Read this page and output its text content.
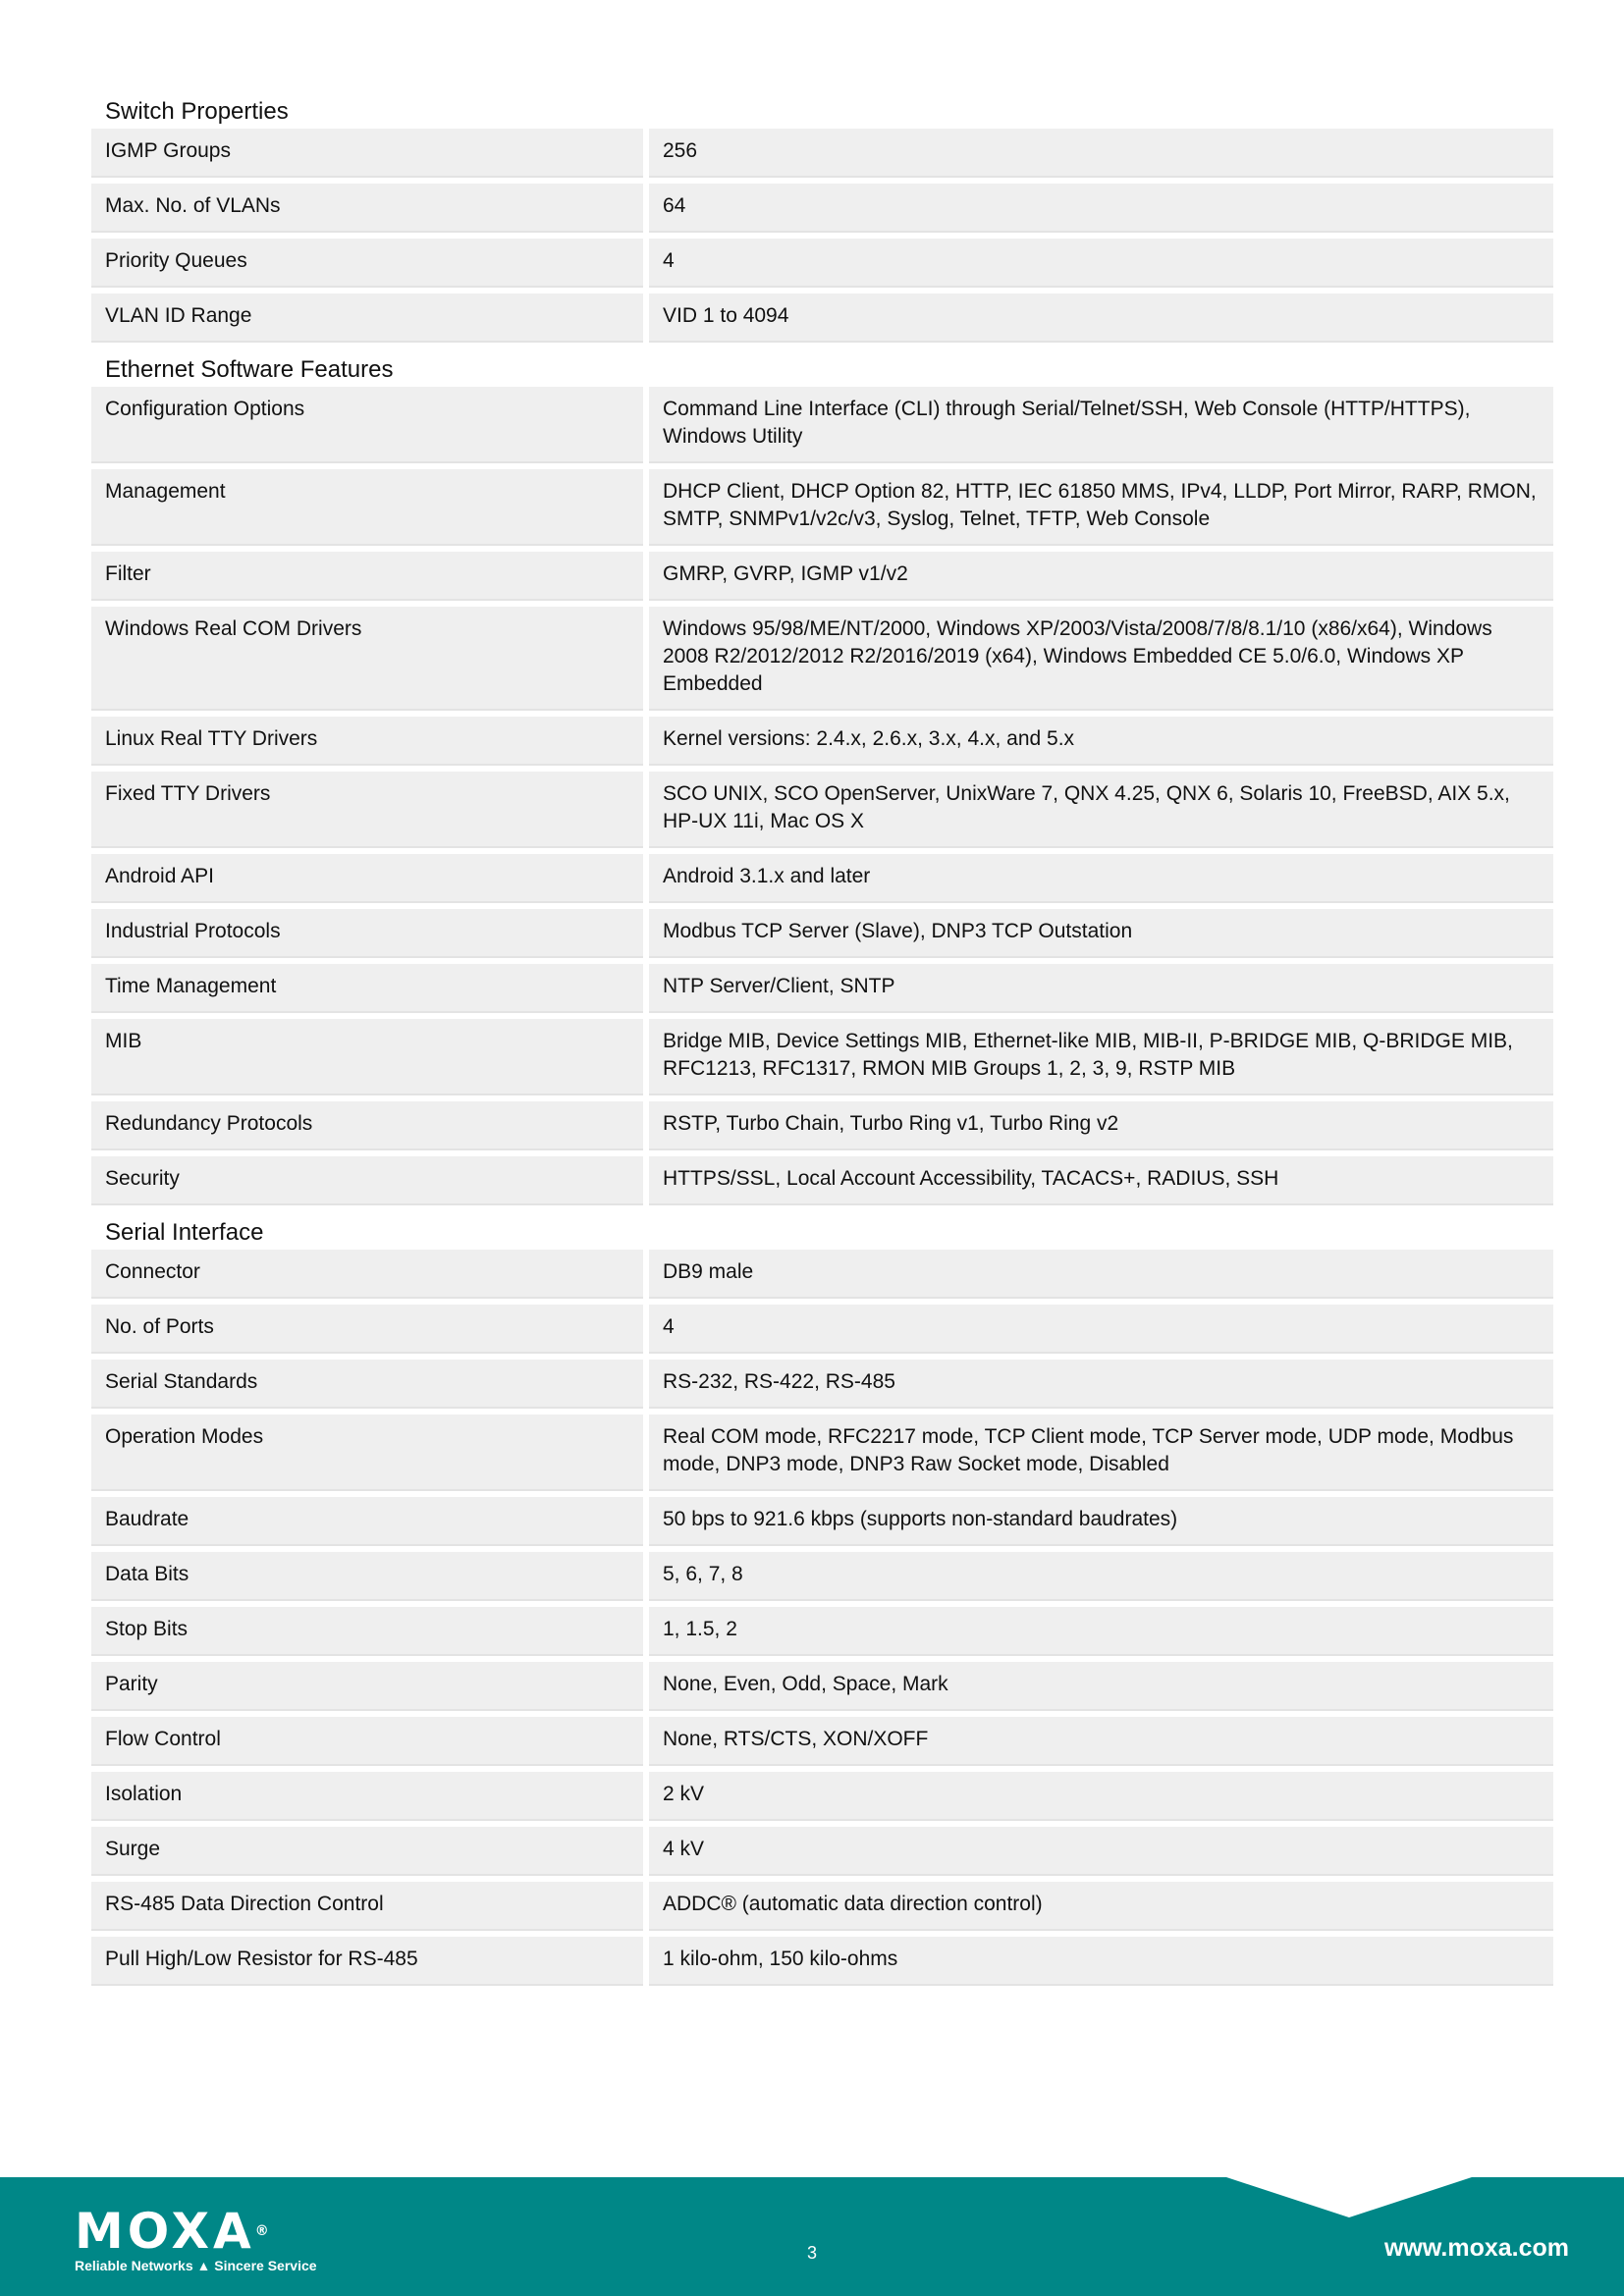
Switch Properties
IGMP Groups	256
Max. No. of VLANs	64
Priority Queues	4
VLAN ID Range	VID 1 to 4094
Ethernet Software Features
Configuration Options	Command Line Interface (CLI) through Serial/Telnet/SSH, Web Console (HTTP/HTTPS), Windows Utility
Management	DHCP Client, DHCP Option 82, HTTP, IEC 61850 MMS, IPv4, LLDP, Port Mirror, RARP, RMON, SMTP, SNMPv1/v2c/v3, Syslog, Telnet, TFTP, Web Console
Filter	GMRP, GVRP, IGMP v1/v2
Windows Real COM Drivers	Windows 95/98/ME/NT/2000, Windows XP/2003/Vista/2008/7/8/8.1/10 (x86/x64), Windows 2008 R2/2012/2012 R2/2016/2019 (x64), Windows Embedded CE 5.0/6.0, Windows XP Embedded
Linux Real TTY Drivers	Kernel versions: 2.4.x, 2.6.x, 3.x, 4.x, and 5.x
Fixed TTY Drivers	SCO UNIX, SCO OpenServer, UnixWare 7, QNX 4.25, QNX 6, Solaris 10, FreeBSD, AIX 5.x, HP-UX 11i, Mac OS X
Android API	Android 3.1.x and later
Industrial Protocols	Modbus TCP Server (Slave), DNP3 TCP Outstation
Time Management	NTP Server/Client, SNTP
MIB	Bridge MIB, Device Settings MIB, Ethernet-like MIB, MIB-II, P-BRIDGE MIB, Q-BRIDGE MIB, RFC1213, RFC1317, RMON MIB Groups 1, 2, 3, 9, RSTP MIB
Redundancy Protocols	RSTP, Turbo Chain, Turbo Ring v1, Turbo Ring v2
Security	HTTPS/SSL, Local Account Accessibility, TACACS+, RADIUS, SSH
Serial Interface
Connector	DB9 male
No. of Ports	4
Serial Standards	RS-232, RS-422, RS-485
Operation Modes	Real COM mode, RFC2217 mode, TCP Client mode, TCP Server mode, UDP mode, Modbus mode, DNP3 mode, DNP3 Raw Socket mode, Disabled
Baudrate	50 bps to 921.6 kbps (supports non-standard baudrates)
Data Bits	5, 6, 7, 8
Stop Bits	1, 1.5, 2
Parity	None, Even, Odd, Space, Mark
Flow Control	None, RTS/CTS, XON/XOFF
Isolation	2 kV
Surge	4 kV
RS-485 Data Direction Control	ADDC® (automatic data direction control)
Pull High/Low Resistor for RS-485	1 kilo-ohm, 150 kilo-ohms
MOXA®
Reliable Networks ▲ Sincere Service
3	www.moxa.com
